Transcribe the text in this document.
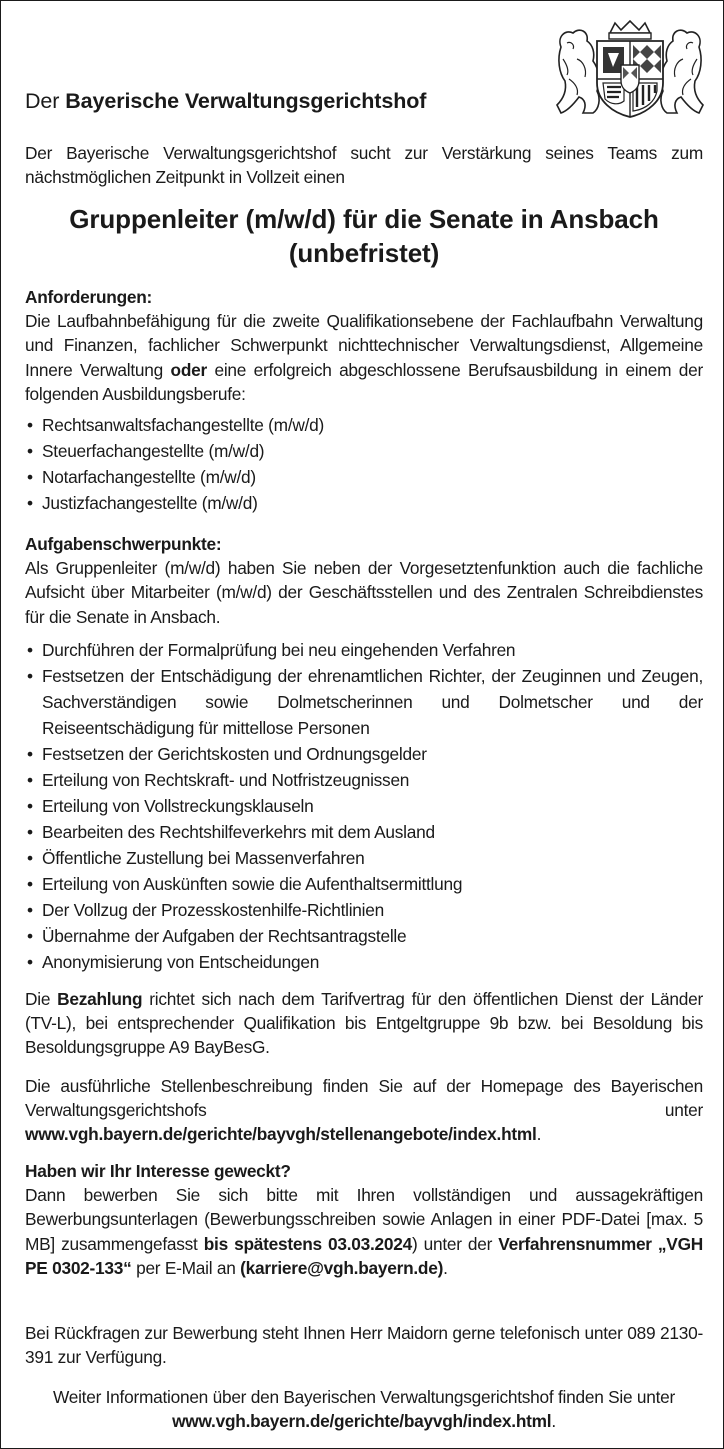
Der Bayerische Verwaltungsgerichtshof

Der Bayerische Verwaltungsgerichtshof sucht zur Verstärkung seines Teams zum nächstmöglichen Zeitpunkt in Vollzeit einen

Gruppenleiter (m/w/d) für die Senate in Ansbach
(unbefristet)
Anforderungen:

Die Laufbahnbefähigung für die zweite Qualifikationsebene der Fachlaufbahn Verwaltung und Finanzen, fachlicher Schwerpunkt nichttechnischer Verwaltungsdienst, Allgemeine Innere Verwaltung oder eine erfolgreich abgeschlossene Berufsausbildung in einem der folgenden Ausbildungsberufe:

• Rechtsanwaltsfachangestellte (m/w/d)
• Steuerfachangestellte (m/w/d)
• Notarfachangestellte (m/w/d)
• Justizfachangestellte (m/w/d)
Aufgabenschwerpunkte:

Als Gruppenleiter (m/w/d) haben Sie neben der Vorgesetztenfunktion auch die fachliche Aufsicht über Mitarbeiter (m/w/d) der Geschäftsstellen und des Zentralen Schreibdienstes für die Senate in Ansbach.

• Durchführen der Formalprüfung bei neu eingehenden Verfahren
• Festsetzen der Entschädigung der ehrenamtlichen Richter, der Zeuginnen und Zeugen, Sachverständigen sowie Dolmetscherinnen und Dolmetscher und der Reiseentschädigung für mittellose Personen
• Festsetzen der Gerichtskosten und Ordnungsgelder
• Erteilung von Rechtskraft- und Notfristzeugnissen
• Erteilung von Vollstreckungsklauseln
• Bearbeiten des Rechtshilfeverkehrs mit dem Ausland
• Öffentliche Zustellung bei Massenverfahren
• Erteilung von Auskünften sowie die Aufenthaltsermittlung
• Der Vollzug der Prozesskostenhilfe-Richtlinien
• Übernahme der Aufgaben der Rechtsantragstelle
• Anonymisierung von Entscheidungen

Die Bezahlung richtet sich nach dem Tarifvertrag für den öffentlichen Dienst der Länder (TV-L), bei entsprechender Qualifikation bis Entgeltgruppe 9b bzw. bei Besoldung bis Besoldungsgruppe A9 BayBesG.

Die ausführliche Stellenbeschreibung finden Sie auf der Homepage des Bayerischen Verwaltungsgerichtshofs unter www.vgh.bayern.de/gerichte/bayvgh/stellenangebote/index.html.

Haben wir Ihr Interesse geweckt?

Dann bewerben Sie sich bitte mit Ihren vollständigen und aussagekräftigen Bewerbungsunterlagen (Bewerbungsschreiben sowie Anlagen in einer PDF-Datei [max. 5 MB] zusammengefasst bis spätestens 03.03.2024) unter der Verfahrensnummer „VGH PE 0302-133“ per E-Mail an (karriere@vgh.bayern.de).

Bei Rückfragen zur Bewerbung steht Ihnen Herr Maidorn gerne telefonisch unter 089 2130-391 zur Verfügung.

Weiter Informationen über den Bayerischen Verwaltungsgerichtshof finden Sie unter www.vgh.bayern.de/gerichte/bayvgh/index.html.
